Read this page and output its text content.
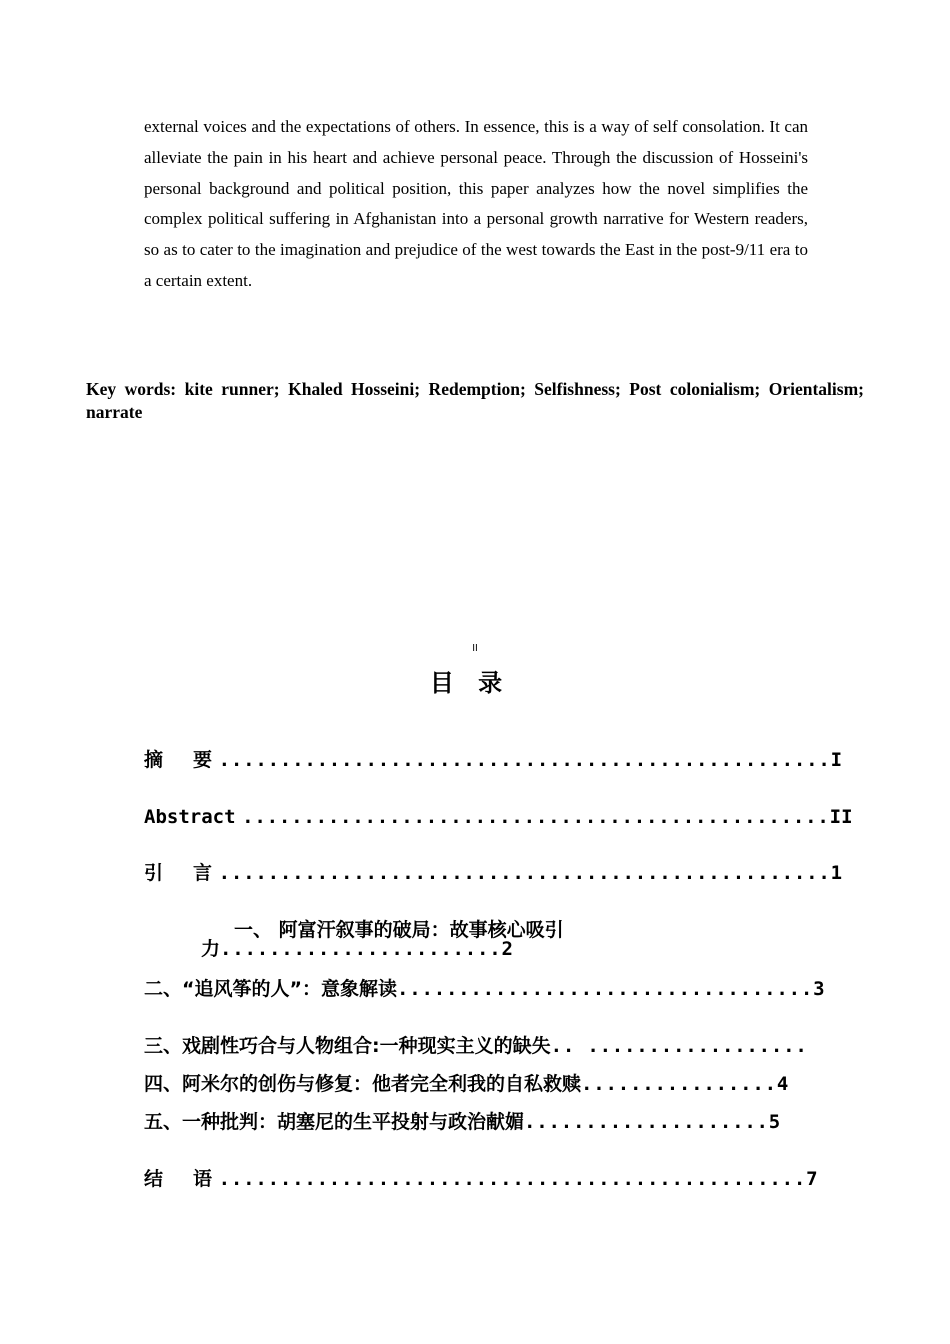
external voices and the expectations of others. In essence, this is a way of self consolation. It can alleviate the pain in his heart and achieve personal peace. Through the discussion of Hosseini's personal background and political position, this paper analyzes how the novel simplifies the complex political suffering in Afghanistan into a personal growth narrative for Western readers, so as to cater to the imagination and prejudice of the west towards the East in the post-9/11 era to a certain extent.

Key words: kite runner; Khaled Hosseini; Redemption; Selfishness; Post colonialism; Orientalism; narrate

II
目 录
摘 要 ..................................................I
Abstract ................................................II
引 言 ..................................................1
一、 阿富汗叙事的破局：故事核心吸引
力.......................2
二、“追风筝的人”：意象解读..................................3
三、戏剧性巧合与人物组合:一种现实主义的缺失.. ..................
四、阿米尔的创伤与修复：他者完全利我的自私救赎................4
五、一种批判：胡塞尼的生平投射与政治献媚....................5
结 语 ................................................7
